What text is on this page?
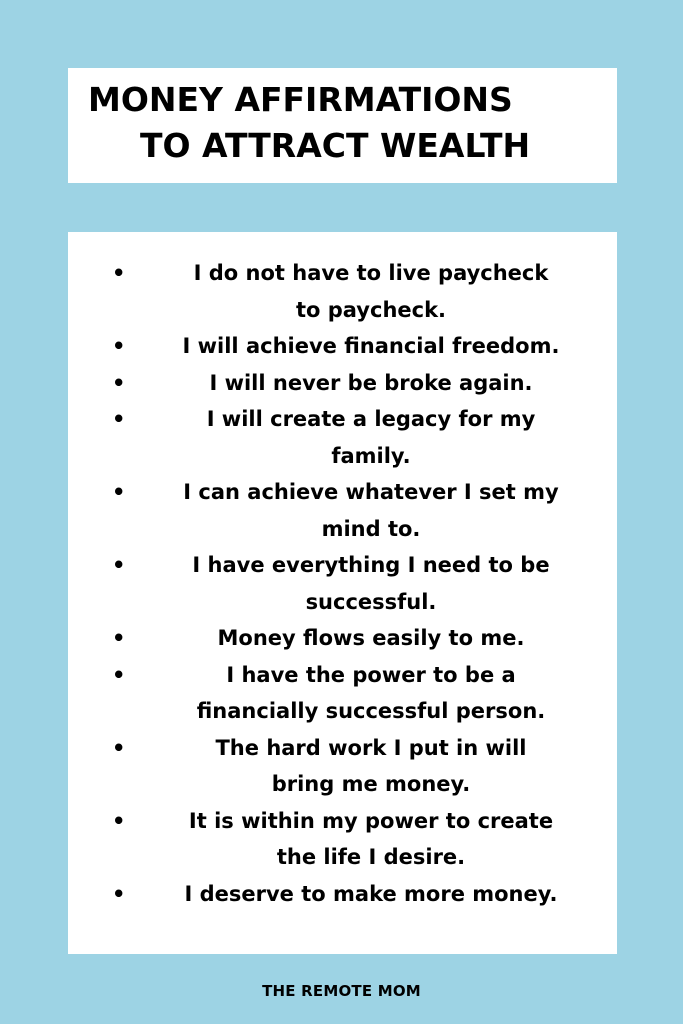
MONEY AFFIRMATIONS
TO ATTRACT WEALTH
•	I do not have to live paycheck
to paycheck.
•	I will achieve financial freedom.
•	I will never be broke again.
•	I will create a legacy for my
family.
•	I can achieve whatever I set my
mind to.
•	I have everything I need to be
successful.
•	Money flows easily to me.
•	I have the power to be a
financially successful person.
•	The hard work I put in will
bring me money.
•	It is within my power to create
the life I desire.
•	I deserve to make more money.
THE REMOTE MOM
